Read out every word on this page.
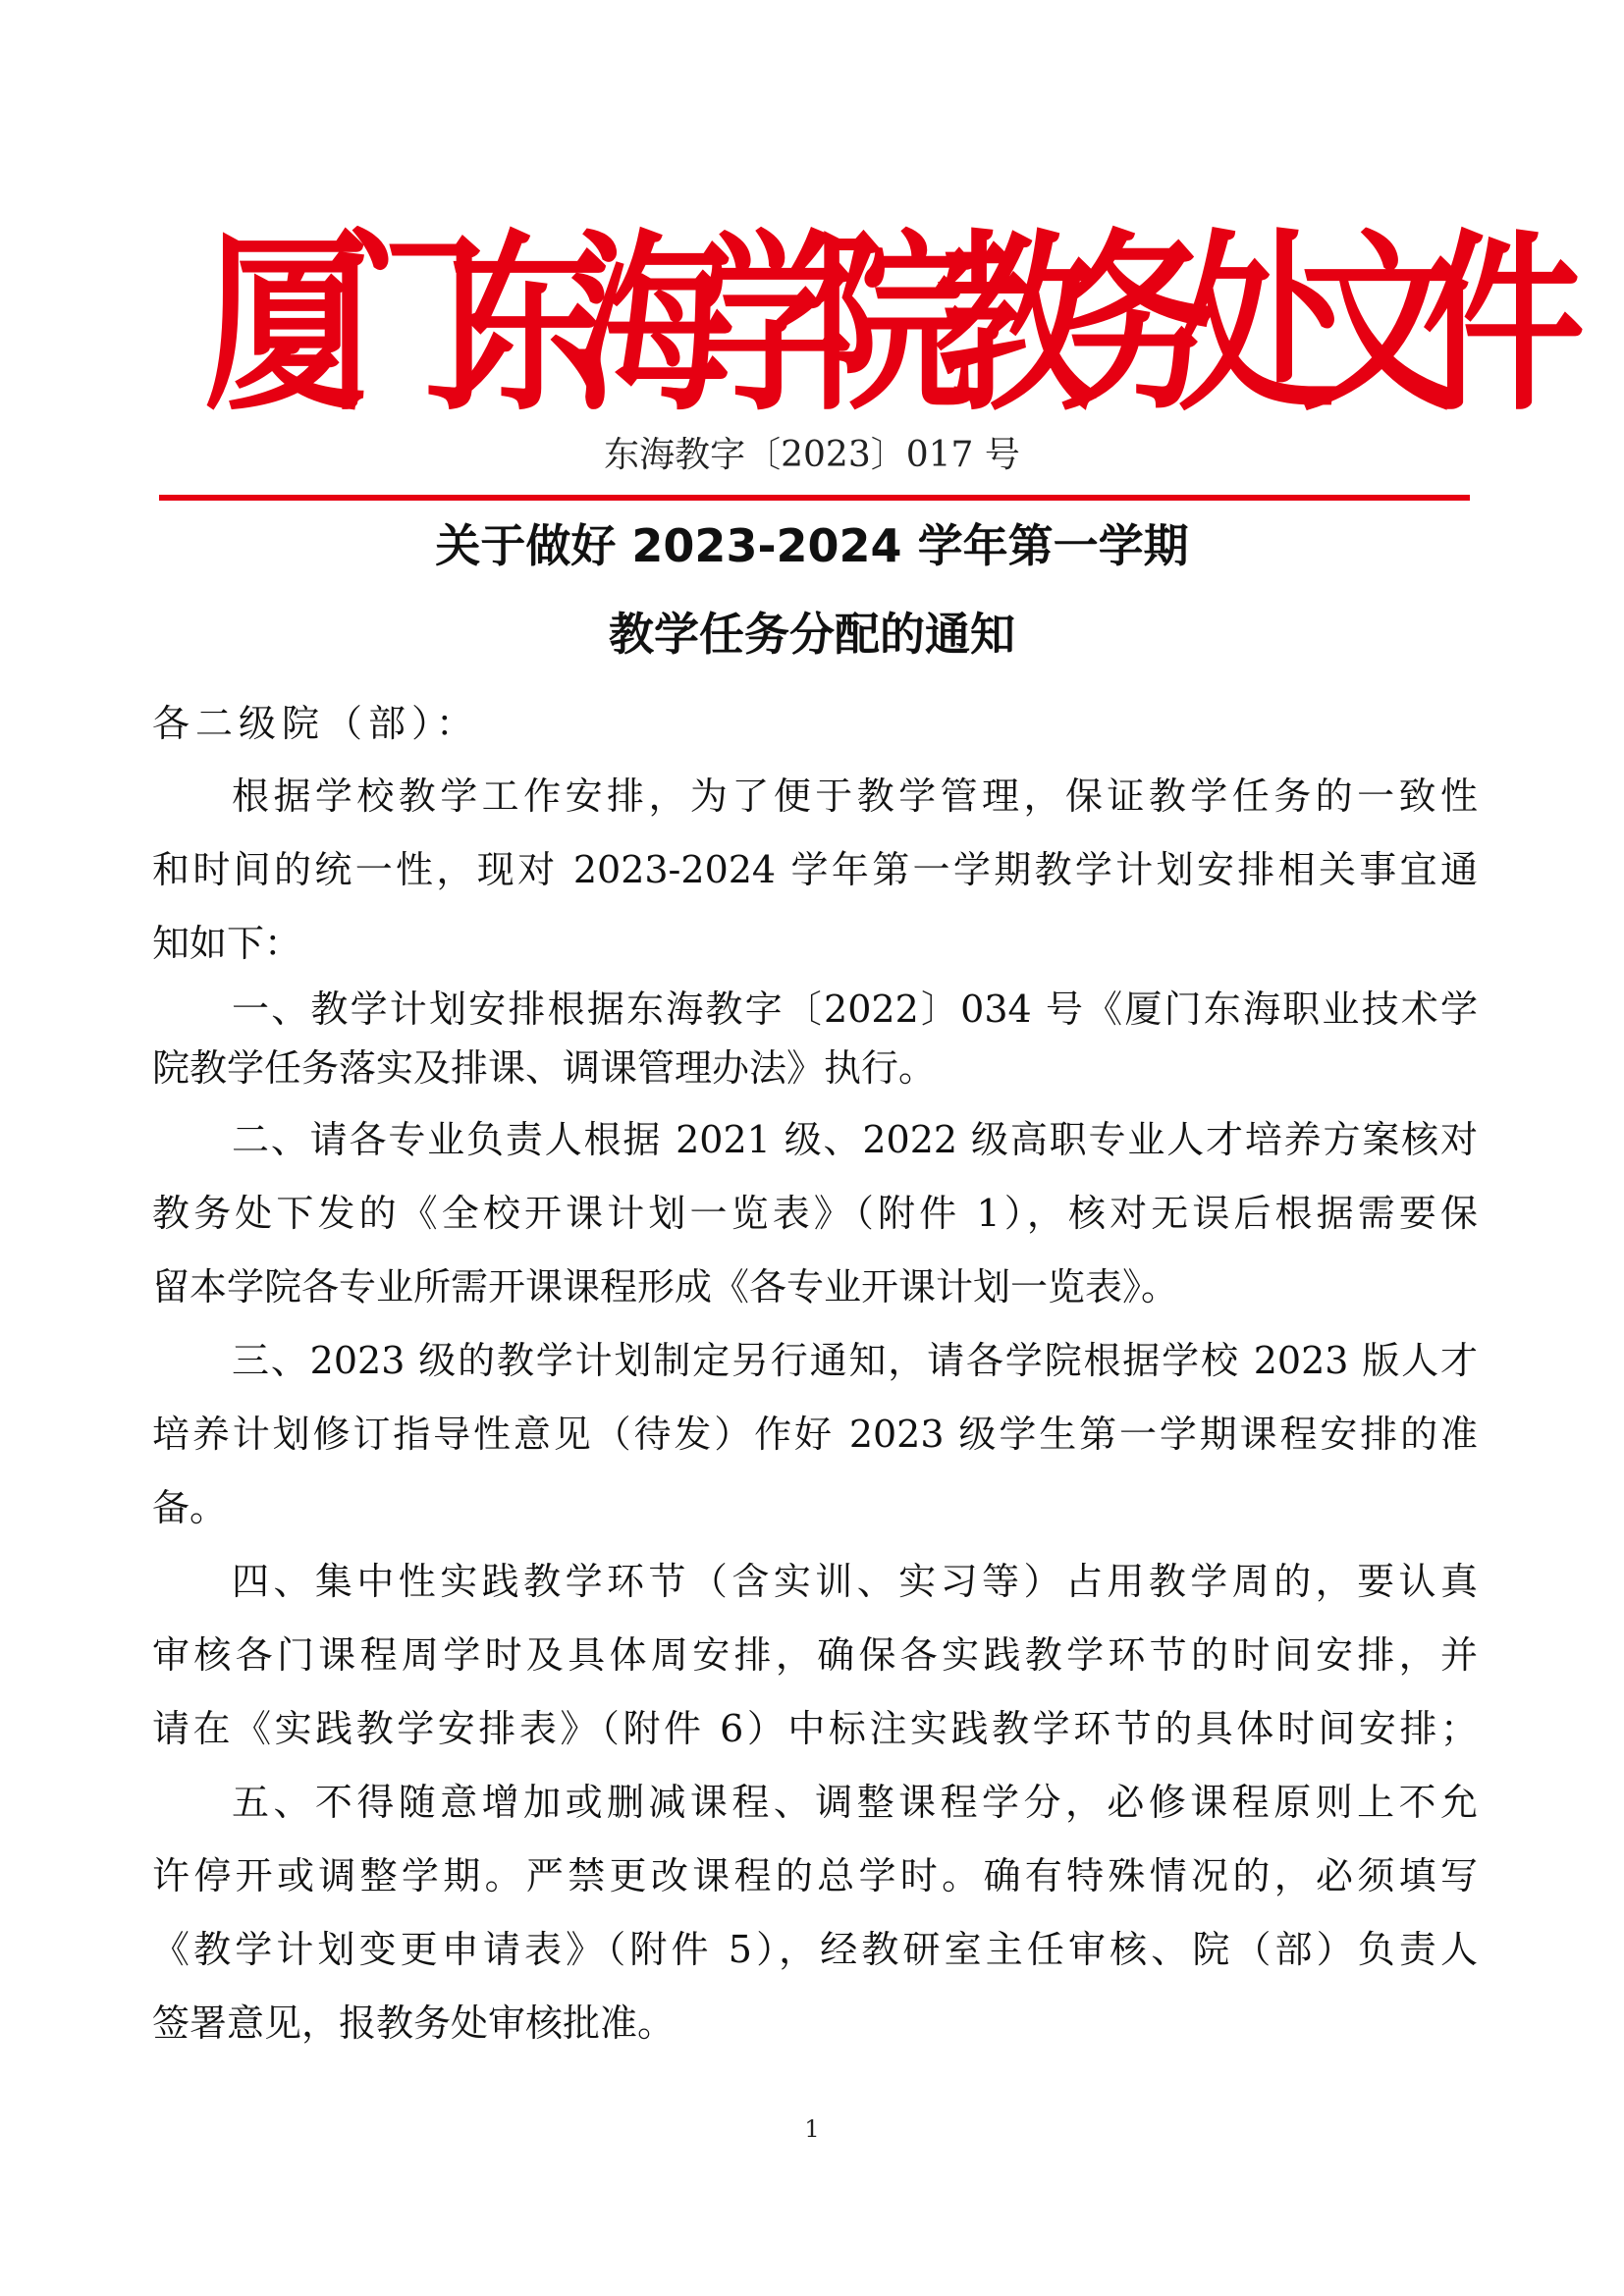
厦门东海学院教务处文件
东海教字〔2023〕017 号
关于做好 2023-2024 学年第一学期
教学任务分配的通知
各二级院（部）：
根据学校教学工作安排，为了便于教学管理，保证教学任务的一致性
和时间的统一性，现对 2023-2024 学年第一学期教学计划安排相关事宜通
知如下：
一、教学计划安排根据东海教字〔2022〕034 号《厦门东海职业技术学
院教学任务落实及排课、调课管理办法》执行。
二、请各专业负责人根据 2021 级、2022 级高职专业人才培养方案核对
教务处下发的《全校开课计划一览表》（附件 1），核对无误后根据需要保
留本学院各专业所需开课课程形成《各专业开课计划一览表》。
三、2023 级的教学计划制定另行通知，请各学院根据学校 2023 版人才
培养计划修订指导性意见（待发）作好 2023 级学生第一学期课程安排的准
备。
四、集中性实践教学环节（含实训、实习等）占用教学周的，要认真
审核各门课程周学时及具体周安排，确保各实践教学环节的时间安排，并
请在《实践教学安排表》（附件 6）中标注实践教学环节的具体时间安排；
五、不得随意增加或删减课程、调整课程学分，必修课程原则上不允
许停开或调整学期。严禁更改课程的总学时。确有特殊情况的，必须填写
《教学计划变更申请表》（附件 5），经教研室主任审核、院（部）负责人
签署意见，报教务处审核批准。
1
